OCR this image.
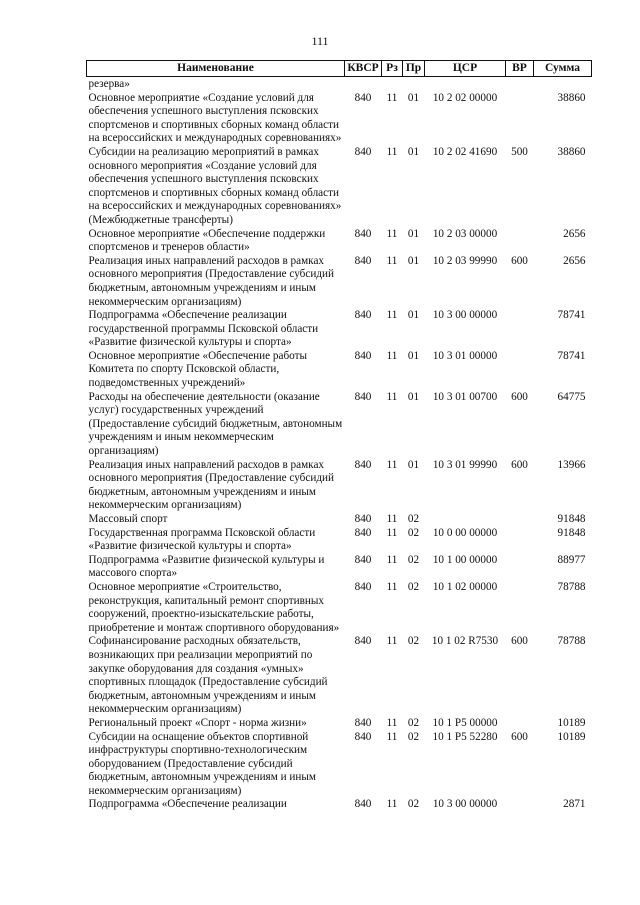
111
Наименование	КВСР	Рз	Пр	ЦСР	ВР	Сумма
резерва»						
Основное мероприятие «Создание условий для обеспечения успешного выступления псковских спортсменов и спортивных сборных команд области на всероссийских и международных соревнованиях»	840	11	01	10 2 02 00000		38860
Субсидии на реализацию мероприятий в рамках основного мероприятия «Создание условий для обеспечения успешного выступления псковских спортсменов и спортивных сборных команд области на всероссийских и международных соревнованиях» (Межбюджетные трансферты)	840	11	01	10 2 02 41690	500	38860
Основное мероприятие «Обеспечение поддержки спортсменов и тренеров области»	840	11	01	10 2 03 00000		2656
Реализация иных направлений расходов в рамках основного мероприятия (Предоставление субсидий бюджетным, автономным учреждениям и иным некоммерческим организациям)	840	11	01	10 2 03 99990	600	2656
Подпрограмма «Обеспечение реализации государственной программы Псковской области «Развитие физической культуры и спорта»	840	11	01	10 3 00 00000		78741
Основное мероприятие «Обеспечение работы Комитета по спорту Псковской области, подведомственных учреждений»	840	11	01	10 3 01 00000		78741
Расходы на обеспечение деятельности (оказание услуг) государственных учреждений (Предоставление субсидий бюджетным, автономным учреждениям и иным некоммерческим организациям)	840	11	01	10 3 01 00700	600	64775
Реализация иных направлений расходов в рамках основного мероприятия (Предоставление субсидий бюджетным, автономным учреждениям и иным некоммерческим организациям)	840	11	01	10 3 01 99990	600	13966
Массовый спорт	840	11	02			91848
Государственная программа Псковской области «Развитие физической культуры и спорта»	840	11	02	10 0 00 00000		91848
Подпрограмма «Развитие физической культуры и массового спорта»	840	11	02	10 1 00 00000		88977
Основное мероприятие «Строительство, реконструкция, капитальный ремонт спортивных сооружений, проектно-изыскательские работы, приобретение и монтаж спортивного оборудования»	840	11	02	10 1 02 00000		78788
Софинансирование расходных обязательств, возникающих при реализации мероприятий по закупке оборудования для создания «умных» спортивных площадок (Предоставление субсидий бюджетным, автономным учреждениям и иным некоммерческим организациям)	840	11	02	10 1 02 R7530	600	78788
Региональный проект «Спорт - норма жизни»	840	11	02	10 1 P5 00000		10189
Субсидии на оснащение объектов спортивной инфраструктуры спортивно-технологическим оборудованием (Предоставление субсидий бюджетным, автономным учреждениям и иным некоммерческим организациям)	840	11	02	10 1 P5 52280	600	10189
Подпрограмма «Обеспечение реализации	840	11	02	10 3 00 00000		2871
